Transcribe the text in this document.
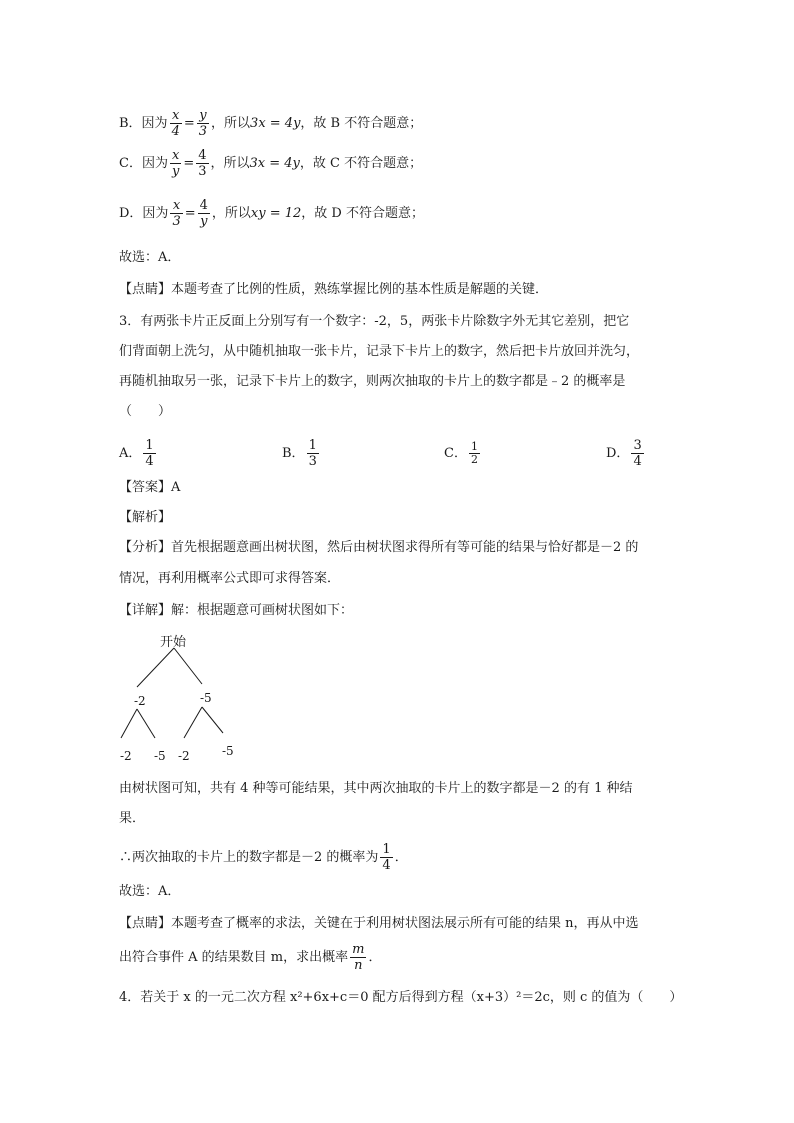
B．因为 $\frac{x}{4} = \frac{y}{3}$ ，所以3x = 4y，故 B 不符合题意；
C．因为 $\frac{x}{y} = \frac{4}{3}$ ，所以3x = 4y，故 C 不符合题意；
D．因为 $\frac{x}{3} = \frac{4}{y}$ ，所以xy = 12，故 D 不符合题意；
故选：A．
【点睛】本题考查了比例的性质，熟练掌握比例的基本性质是解题的关键．
3．有两张卡片正反面上分别写有一个数字：-2，5，两张卡片除数字外无其它差别，把它
们背面朝上洗匀，从中随机抽取一张卡片，记录下卡片上的数字，然后把卡片放回并洗匀，
再随机抽取另一张，记录下卡片上的数字，则两次抽取的卡片上的数字都是﹣2 的概率是
（　　）
A． $\frac{1}{4}$	B． $\frac{1}{3}$	C． $\frac{1}{2}$	D． $\frac{3}{4}$
【答案】A
【解析】
【分析】首先根据题意画出树状图，然后由树状图求得所有等可能的结果与恰好都是－2 的
情况，再利用概率公式即可求得答案．
【详解】解：根据题意可画树状图如下：
开始
-2	-5
-2 -5 -2	-5
由树状图可知，共有 4 种等可能结果，其中两次抽取的卡片上的数字都是－2 的有 1 种结
果．
∴两次抽取的卡片上的数字都是－2 的概率为 $\frac{1}{4}$ ．
故选：A．
【点睛】本题考查了概率的求法，关键在于利用树状图法展示所有可能的结果 n，再从中选
出符合事件 A 的结果数目 m，求出概率 $\frac{m}{n}$ ．
4．若关于 x 的一元二次方程 x²+6x+c＝0 配方后得到方程（x+3）²＝2c，则 c 的值为（　　）
